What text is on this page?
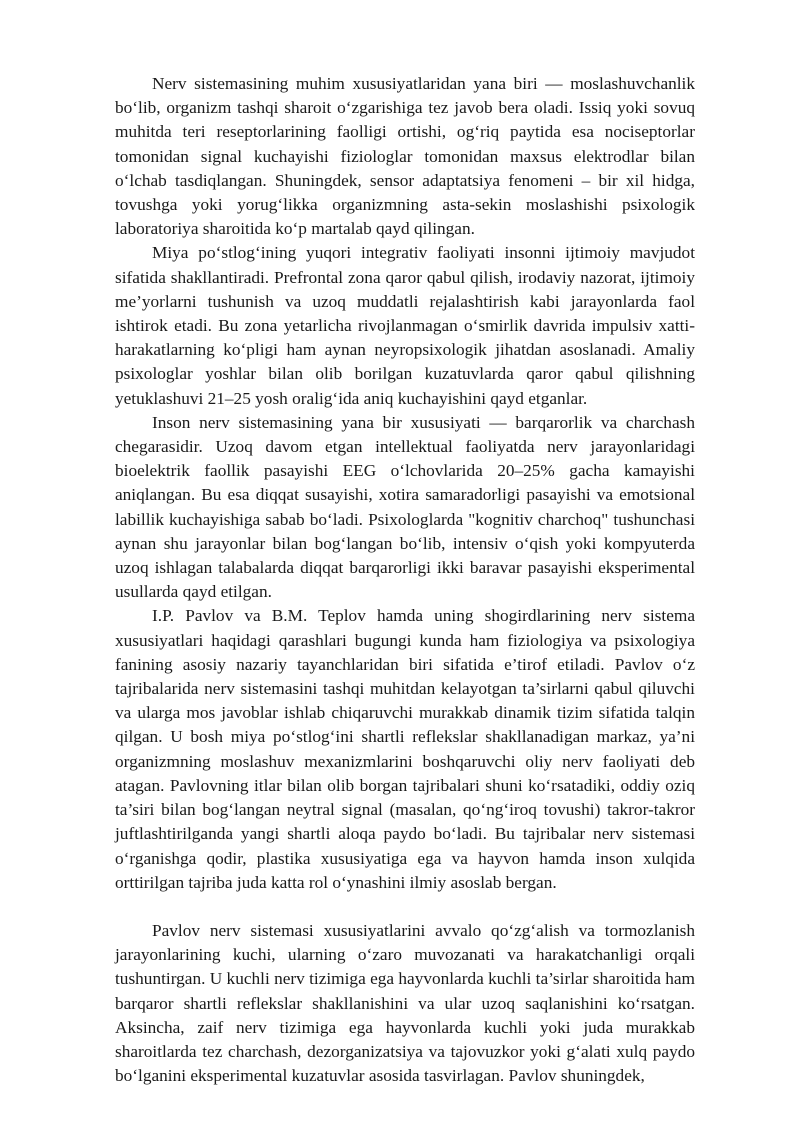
Nerv sistemasining muhim xususiyatlaridan yana biri — moslashuvchanlik bo‘lib, organizm tashqi sharoit o‘zgarishiga tez javob bera oladi. Issiq yoki sovuq muhitda teri reseptorlarining faolligi ortishi, og‘riq paytida esa nociseptorlar tomonidan signal kuchayishi fiziologlar tomonidan maxsus elektrodlar bilan o‘lchab tasdiqlangan. Shuningdek, sensor adaptatsiya fenomeni – bir xil hidga, tovushga yoki yorug‘likka organizmning asta-sekin moslashishi psixologik laboratoriya sharoitida ko‘p martalab qayd qilingan.

Miya po‘stlog‘ining yuqori integrativ faoliyati insonni ijtimoiy mavjudot sifatida shakllantiradi. Prefrontal zona qaror qabul qilish, irodaviy nazorat, ijtimoiy me’yorlarni tushunish va uzoq muddatli rejalashtirish kabi jarayonlarda faol ishtirok etadi. Bu zona yetarlicha rivojlanmagan o‘smirlik davrida impulsiv xatti-harakatlarning ko‘pligi ham aynan neyropsixologik jihatdan asoslanadi. Amaliy psixologlar yoshlar bilan olib borilgan kuzatuvlarda qaror qabul qilishning yetuklashuvi 21–25 yosh oralig‘ida aniq kuchayishini qayd etganlar.

Inson nerv sistemasining yana bir xususiyati — barqarorlik va charchash chegarasidir. Uzoq davom etgan intellektual faoliyatda nerv jarayonlaridagi bioelektrik faollik pasayishi EEG o‘lchovlarida 20–25% gacha kamayishi aniqlangan. Bu esa diqqat susayishi, xotira samaradorligi pasayishi va emotsional labillik kuchayishiga sabab bo‘ladi. Psixologlarda "kognitiv charchoq" tushunchasi aynan shu jarayonlar bilan bog‘langan bo‘lib, intensiv o‘qish yoki kompyuterda uzoq ishlagan talabalarda diqqat barqarorligi ikki baravar pasayishi eksperimental usullarda qayd etilgan.

I.P. Pavlov va B.M. Teplov hamda uning shogirdlarining nerv sistema xususiyatlari haqidagi qarashlari bugungi kunda ham fiziologiya va psixologiya fanining asosiy nazariy tayanchlaridan biri sifatida e’tirof etiladi. Pavlov o‘z tajribalarida nerv sistemasini tashqi muhitdan kelayotgan ta’sirlarni qabul qiluvchi va ularga mos javoblar ishlab chiqaruvchi murakkab dinamik tizim sifatida talqin qilgan. U bosh miya po‘stlog‘ini shartli reflekslar shakllanadigan markaz, ya’ni organizmning moslashuv mexanizmlarini boshqaruvchi oliy nerv faoliyati deb atagan. Pavlovning itlar bilan olib borgan tajribalari shuni ko‘rsatadiki, oddiy oziq ta’siri bilan bog‘langan neytral signal (masalan, qo‘ng‘iroq tovushi) takror-takror juftlashtirilganda yangi shartli aloqa paydo bo‘ladi. Bu tajribalar nerv sistemasi o‘rganishga qodir, plastika xususiyatiga ega va hayvon hamda inson xulqida orttirilgan tajriba juda katta rol o‘ynashini ilmiy asoslab bergan.

Pavlov nerv sistemasi xususiyatlarini avvalo qo‘zg‘alish va tormozlanish jarayonlarining kuchi, ularning o‘zaro muvozanati va harakatchanligi orqali tushuntirgan. U kuchli nerv tizimiga ega hayvonlarda kuchli ta’sirlar sharoitida ham barqaror shartli reflekslar shakllanishini va ular uzoq saqlanishini ko‘rsatgan. Aksincha, zaif nerv tizimiga ega hayvonlarda kuchli yoki juda murakkab sharoitlarda tez charchash, dezorganizatsiya va tajovuzkor yoki g‘alati xulq paydo bo‘lganini eksperimental kuzatuvlar asosida tasvirlagan. Pavlov shuningdek,
